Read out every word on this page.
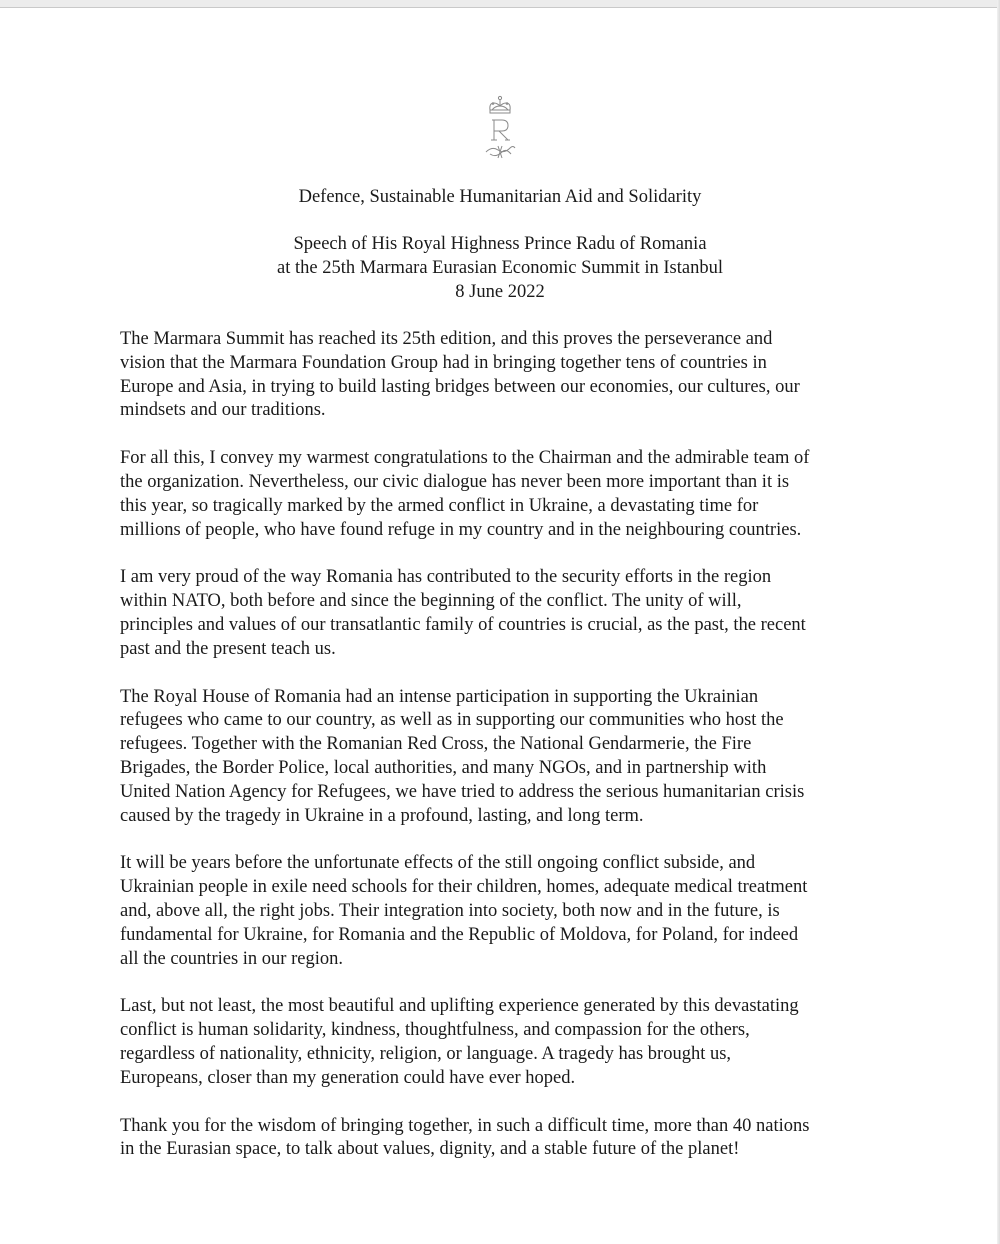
Defence, Sustainable Humanitarian Aid and Solidarity

Speech of His Royal Highness Prince Radu of Romania

at the 25th Marmara Eurasian Economic Summit in Istanbul

8 June 2022

The Marmara Summit has reached its 25th edition, and this proves the perseverance and
vision that the Marmara Foundation Group had in bringing together tens of countries in
Europe and Asia, in trying to build lasting bridges between our economies, our cultures, our
mindsets and our traditions.

For all this, I convey my warmest congratulations to the Chairman and the admirable team of
the organization. Nevertheless, our civic dialogue has never been more important than it is
this year, so tragically marked by the armed conflict in Ukraine, a devastating time for
millions of people, who have found refuge in my country and in the neighbouring countries.

I am very proud of the way Romania has contributed to the security efforts in the region
within NATO, both before and since the beginning of the conflict. The unity of will,
principles and values of our transatlantic family of countries is crucial, as the past, the recent
past and the present teach us.

The Royal House of Romania had an intense participation in supporting the Ukrainian
refugees who came to our country, as well as in supporting our communities who host the
refugees. Together with the Romanian Red Cross, the National Gendarmerie, the Fire
Brigades, the Border Police, local authorities, and many NGOs, and in partnership with
United Nation Agency for Refugees, we have tried to address the serious humanitarian crisis
caused by the tragedy in Ukraine in a profound, lasting, and long term.

It will be years before the unfortunate effects of the still ongoing conflict subside, and
Ukrainian people in exile need schools for their children, homes, adequate medical treatment
and, above all, the right jobs. Their integration into society, both now and in the future, is
fundamental for Ukraine, for Romania and the Republic of Moldova, for Poland, for indeed
all the countries in our region.

Last, but not least, the most beautiful and uplifting experience generated by this devastating
conflict is human solidarity, kindness, thoughtfulness, and compassion for the others,
regardless of nationality, ethnicity, religion, or language. A tragedy has brought us,
Europeans, closer than my generation could have ever hoped.

Thank you for the wisdom of bringing together, in such a difficult time, more than 40 nations
in the Eurasian space, to talk about values, dignity, and a stable future of the planet!
